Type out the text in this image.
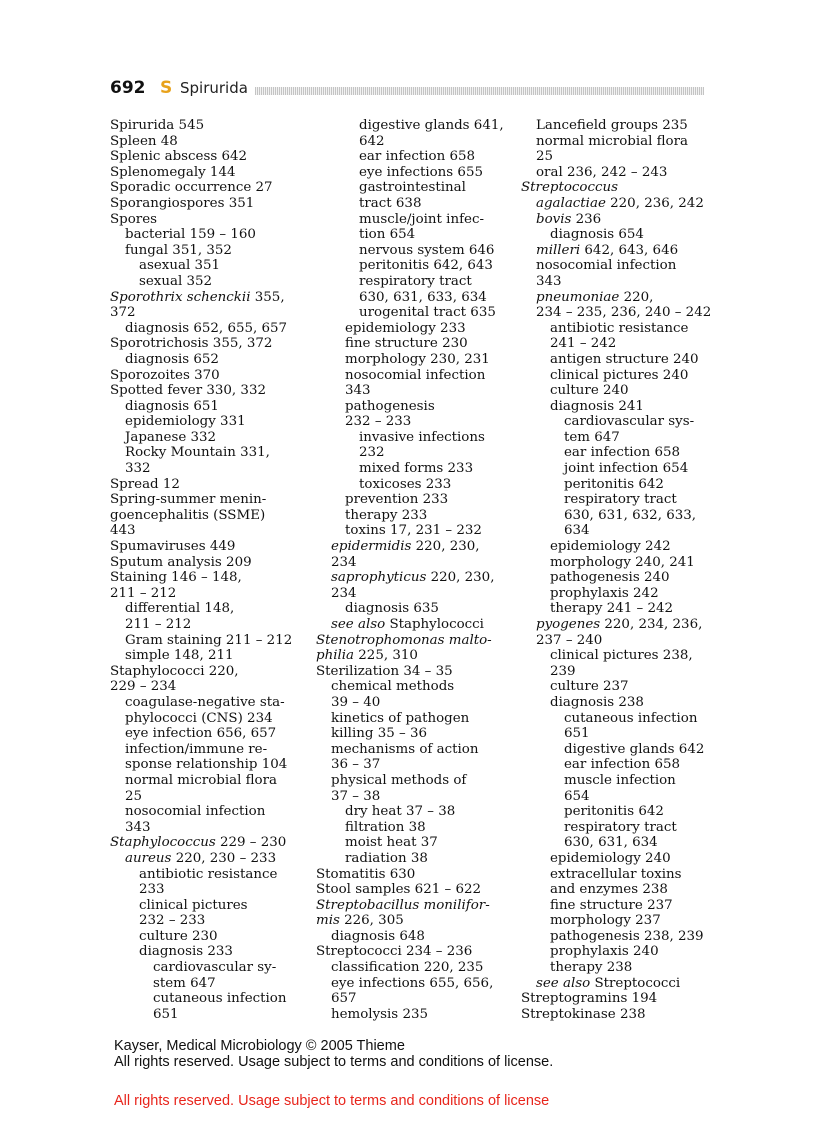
692 S Spirurida
Spirurida 545
Spleen 48
Splenic abscess 642
Splenomegaly 144
Sporadic occurrence 27
Sporangiospores 351
Spores
bacterial 159 – 160
fungal 351, 352
asexual 351
sexual 352
Sporothrix schenckii 355,
372
diagnosis 652, 655, 657
Sporotrichosis 355, 372
diagnosis 652
Sporozoites 370
Spotted fever 330, 332
diagnosis 651
epidemiology 331
Japanese 332
Rocky Mountain 331,
332
Spread 12
Spring-summer menin-
goencephalitis (SSME)
443
Spumaviruses 449
Sputum analysis 209
Staining 146 – 148,
211 – 212
differential 148,
211 – 212
Gram staining 211 – 212
simple 148, 211
Staphylococci 220,
229 – 234
coagulase-negative sta-
phylococci (CNS) 234
eye infection 656, 657
infection/immune re-
sponse relationship 104
normal microbial flora
25
nosocomial infection
343
Staphylococcus 229 – 230
aureus 220, 230 – 233
antibiotic resistance
233
clinical pictures
232 – 233
culture 230
diagnosis 233
cardiovascular sy-
stem 647
cutaneous infection
651
digestive glands 641,
642
ear infection 658
eye infections 655
gastrointestinal
tract 638
muscle/joint infec-
tion 654
nervous system 646
peritonitis 642, 643
respiratory tract
630, 631, 633, 634
urogenital tract 635
epidemiology 233
fine structure 230
morphology 230, 231
nosocomial infection
343
pathogenesis
232 – 233
invasive infections
232
mixed forms 233
toxicoses 233
prevention 233
therapy 233
toxins 17, 231 – 232
epidermidis 220, 230,
234
saprophyticus 220, 230,
234
diagnosis 635
see also Staphylococci
Stenotrophomonas malto-
philia 225, 310
Sterilization 34 – 35
chemical methods
39 – 40
kinetics of pathogen
killing 35 – 36
mechanisms of action
36 – 37
physical methods of
37 – 38
dry heat 37 – 38
filtration 38
moist heat 37
radiation 38
Stomatitis 630
Stool samples 621 – 622
Streptobacillus monilifor-
mis 226, 305
diagnosis 648
Streptococci 234 – 236
classification 220, 235
eye infections 655, 656,
657
hemolysis 235
Lancefield groups 235
normal microbial flora
25
oral 236, 242 – 243
Streptococcus
agalactiae 220, 236, 242
bovis 236
diagnosis 654
milleri 642, 643, 646
nosocomial infection
343
pneumoniae 220,
234 – 235, 236, 240 – 242
antibiotic resistance
241 – 242
antigen structure 240
clinical pictures 240
culture 240
diagnosis 241
cardiovascular sys-
tem 647
ear infection 658
joint infection 654
peritonitis 642
respiratory tract
630, 631, 632, 633,
634
epidemiology 242
morphology 240, 241
pathogenesis 240
prophylaxis 242
therapy 241 – 242
pyogenes 220, 234, 236,
237 – 240
clinical pictures 238,
239
culture 237
diagnosis 238
cutaneous infection
651
digestive glands 642
ear infection 658
muscle infection
654
peritonitis 642
respiratory tract
630, 631, 634
epidemiology 240
extracellular toxins
and enzymes 238
fine structure 237
morphology 237
pathogenesis 238, 239
prophylaxis 240
therapy 238
see also Streptococci
Streptogramins 194
Streptokinase 238
Kayser, Medical Microbiology © 2005 Thieme
All rights reserved. Usage subject to terms and conditions of license.
All rights reserved. Usage subject to terms and conditions of license
